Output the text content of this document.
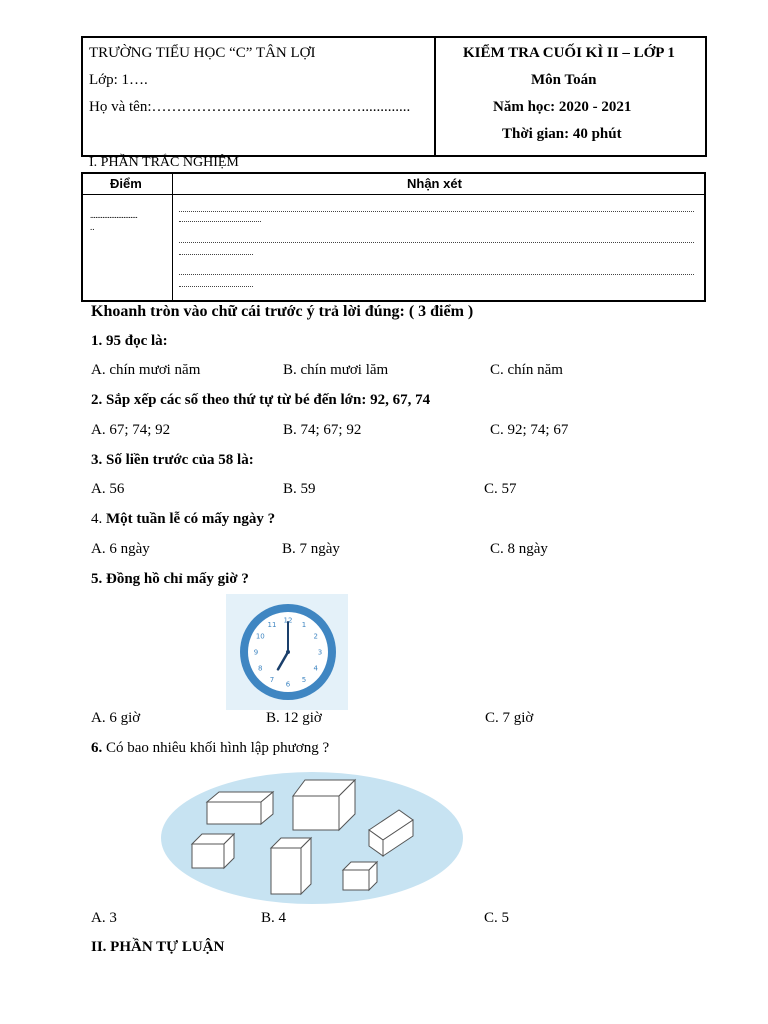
TRƯỜNG TIỂU HỌC “C” TÂN LỢI
Lớp: 1….
Họ và tên:…………………………………….............
KIỂM TRA CUỐI KÌ II – LỚP 1
Môn Toán
Năm học: 2020 - 2021
Thời gian: 40 phút
I. PHẦN TRẮC NGHIỆM
Điểm	Nhận xét
...........................
..
Khoanh tròn vào chữ cái trước ý trả lời đúng: ( 3 điểm )
1. 95 đọc là:
A. chín mươi năm	B. chín mươi lăm	C. chín năm
2. Sắp xếp các số theo thứ tự từ bé đến lớn: 92, 67, 74
A. 67; 74; 92	B. 74; 67; 92	C. 92; 74; 67
3. Số liền trước của 58 là:
A. 56	B. 59	C. 57
4. Một tuần lễ có mấy ngày ?
A. 6 ngày	B. 7 ngày	C. 8 ngày
5. Đồng hồ chỉ mấy giờ ?
12
1
2
3
4
5
6
7
8
9
10
11
A. 6 giờ	B. 12 giờ	C. 7 giờ
6. Có bao nhiêu khối hình lập phương ?
A. 3	B. 4	C. 5
II. PHẦN TỰ LUẬN
